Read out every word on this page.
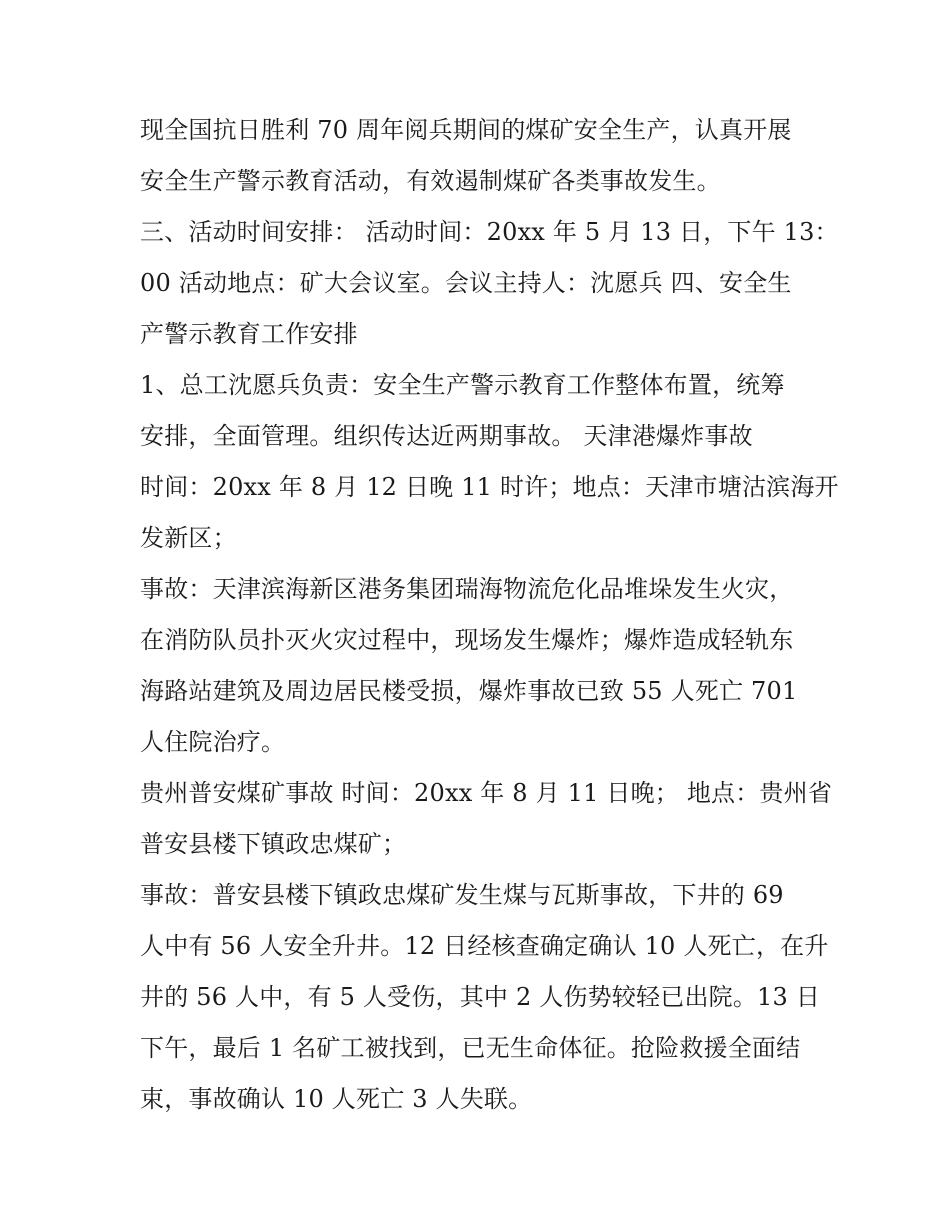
现全国抗日胜利 70 周年阅兵期间的煤矿安全生产，认真开展
安全生产警示教育活动，有效遏制煤矿各类事故发生。
三、活动时间安排： 活动时间：20xx 年 5 月 13 日，下午 13：
00 活动地点：矿大会议室。会议主持人：沈愿兵 四、安全生
产警示教育工作安排
1、总工沈愿兵负责：安全生产警示教育工作整体布置，统筹
安排，全面管理。组织传达近两期事故。 天津港爆炸事故
时间：20xx 年 8 月 12 日晚 11 时许；地点：天津市塘沽滨海开
发新区；
事故：天津滨海新区港务集团瑞海物流危化品堆垛发生火灾，
在消防队员扑灭火灾过程中，现场发生爆炸；爆炸造成轻轨东
海路站建筑及周边居民楼受损，爆炸事故已致 55 人死亡 701
人住院治疗。
贵州普安煤矿事故 时间：20xx 年 8 月 11 日晚； 地点：贵州省
普安县楼下镇政忠煤矿；
事故：普安县楼下镇政忠煤矿发生煤与瓦斯事故，下井的 69
人中有 56 人安全升井。12 日经核查确定确认 10 人死亡，在升
井的 56 人中，有 5 人受伤，其中 2 人伤势较轻已出院。13 日
下午，最后 1 名矿工被找到，已无生命体征。抢险救援全面结
束，事故确认 10 人死亡 3 人失联。
